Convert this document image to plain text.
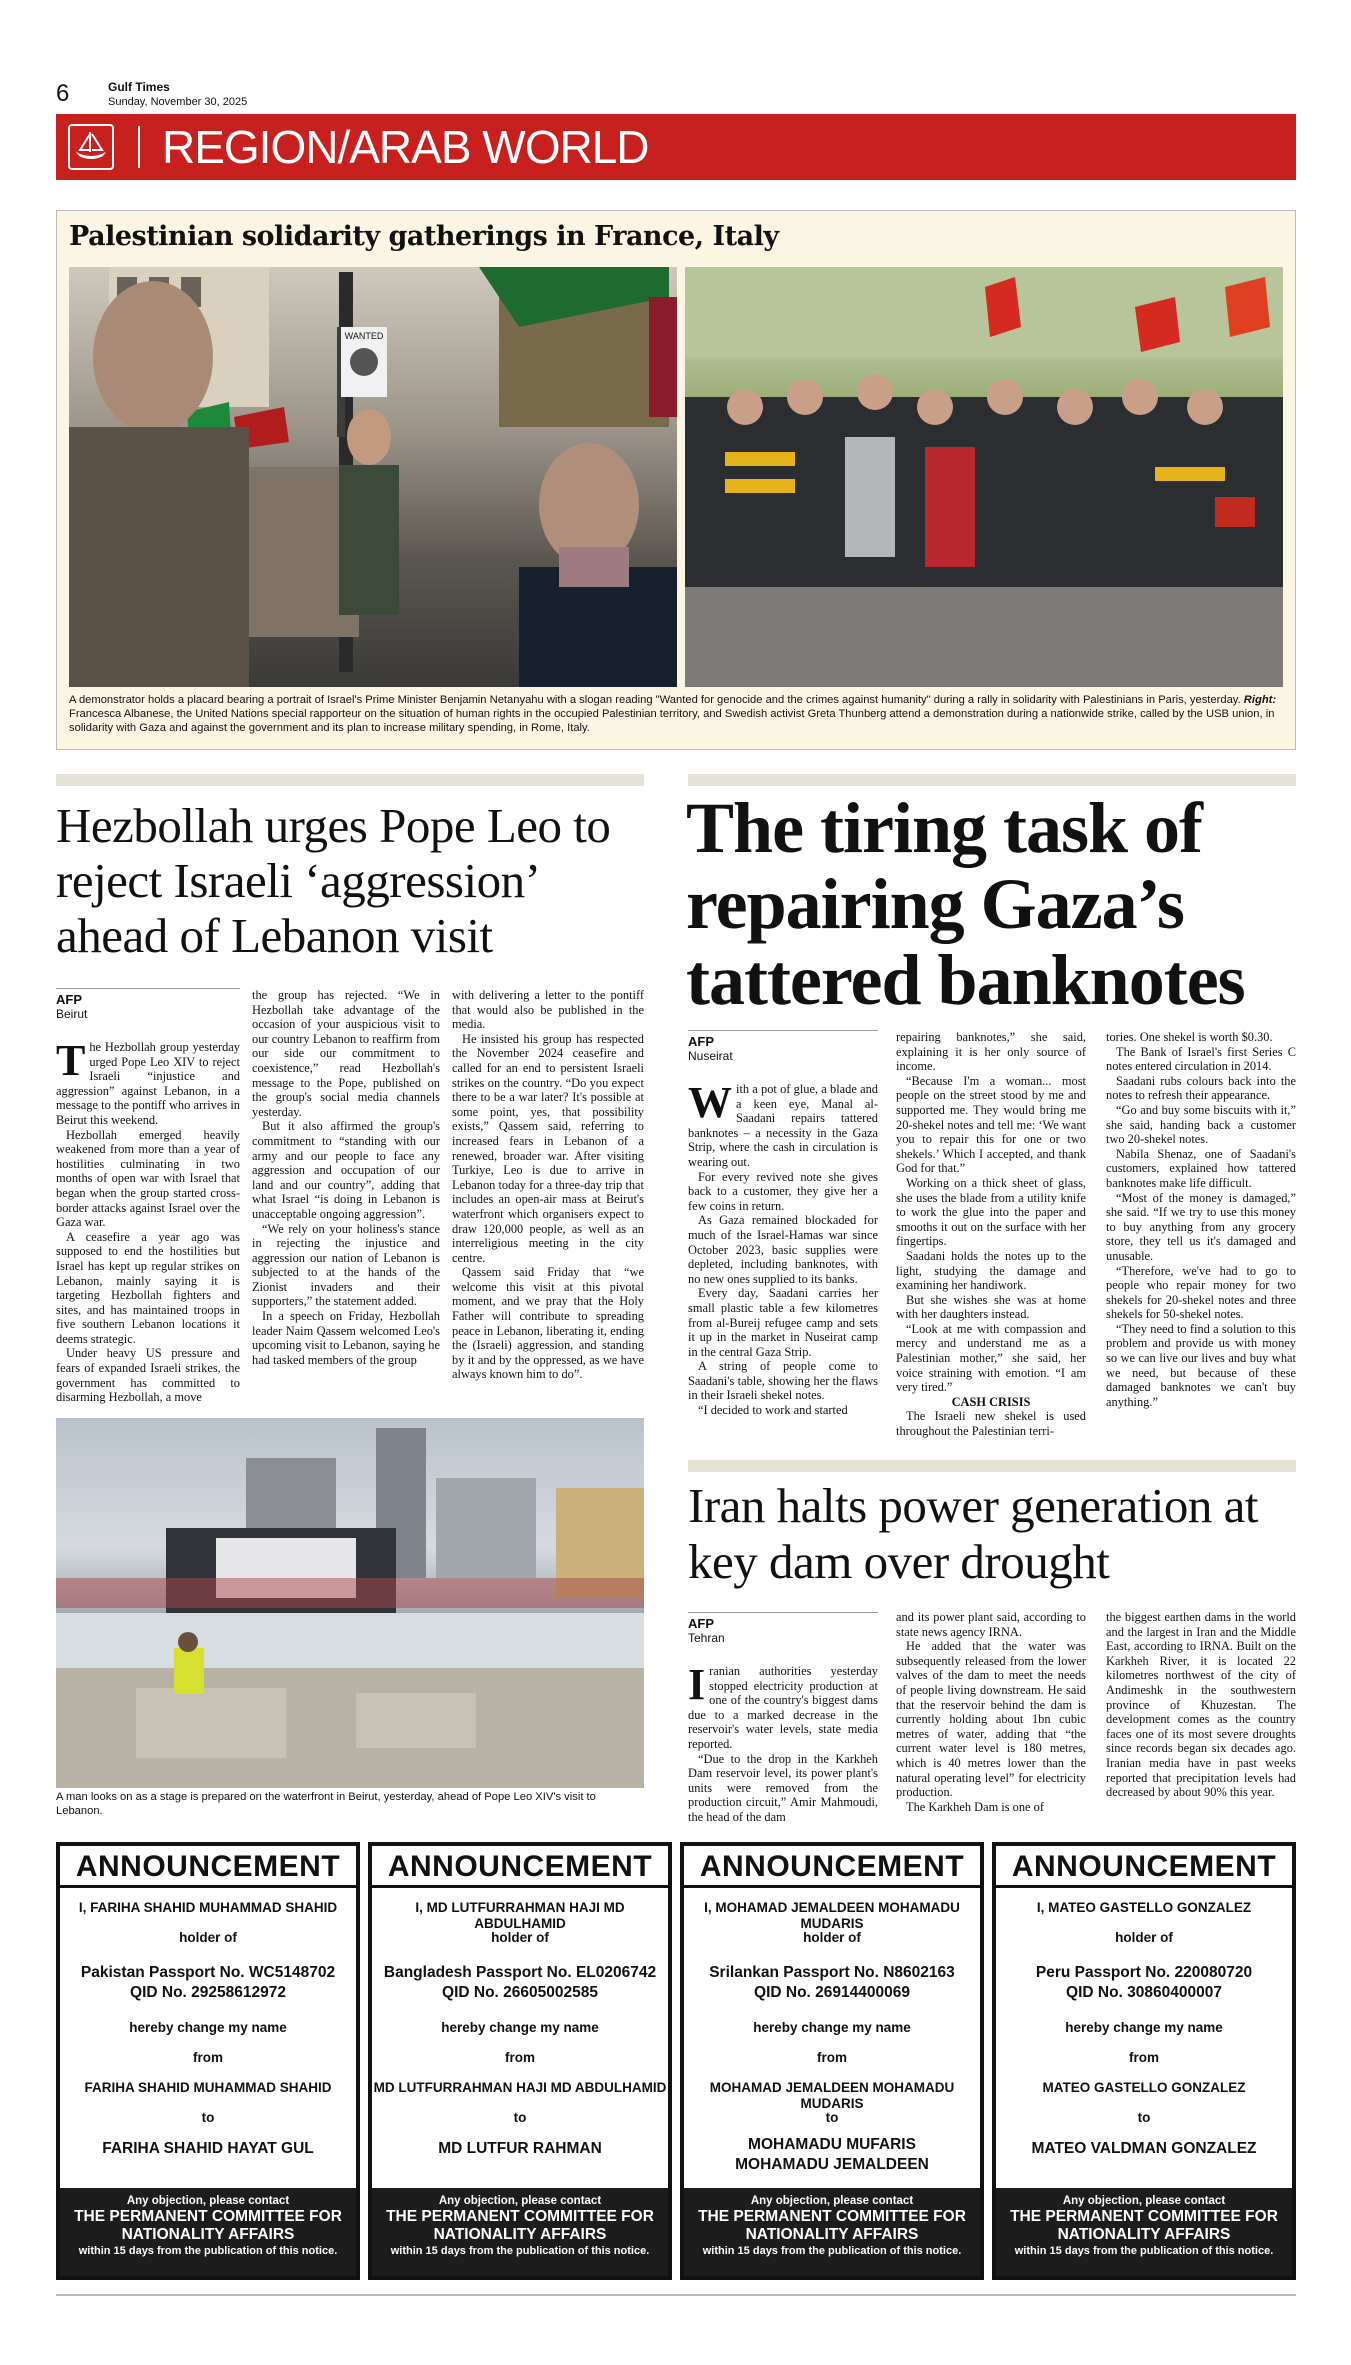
6	Gulf Times
Sunday, November 30, 2025
REGION/ARAB WORLD
Palestinian solidarity gatherings in France, Italy
WANTED
A demonstrator holds a placard bearing a portrait of Israel's Prime Minister Benjamin Netanyahu with a slogan reading "Wanted for genocide and the crimes against humanity" during a rally in solidarity with Palestinians in Paris, yesterday. Right: Francesca Albanese, the United Nations special rapporteur on the situation of human rights in the occupied Palestinian territory, and Swedish activist Greta Thunberg attend a demonstration during a nationwide strike, called by the USB union, in solidarity with Gaza and against the government and its plan to increase military spending, in Rome, Italy.
Hezbollah urges Pope Leo to reject Israeli ‘aggression’ ahead of Lebanon visit
AFP
Beirut

The Hezbollah group yesterday urged Pope Leo XIV to reject Israeli “injustice and aggression” against Lebanon, in a message to the pontiff who arrives in Beirut this weekend.

Hezbollah emerged heavily weakened from more than a year of hostilities culminating in two months of open war with Israel that began when the group started cross-border attacks against Israel over the Gaza war.

A ceasefire a year ago was supposed to end the hostilities but Israel has kept up regular strikes on Lebanon, mainly saying it is targeting Hezbollah fighters and sites, and has maintained troops in five southern Lebanon locations it deems strategic.

Under heavy US pressure and fears of expanded Israeli strikes, the government has committed to disarming Hezbollah, a move

the group has rejected. “We in Hezbollah take advantage of the occasion of your auspicious visit to our country Lebanon to reaffirm from our side our commitment to coexistence,” read Hezbollah's message to the Pope, published on the group's social media channels yesterday.

But it also affirmed the group's commitment to “standing with our army and our people to face any aggression and occupation of our land and our country”, adding that what Israel “is doing in Lebanon is unacceptable ongoing aggression”.

“We rely on your holiness's stance in rejecting the injustice and aggression our nation of Lebanon is subjected to at the hands of the Zionist invaders and their supporters,” the statement added.

In a speech on Friday, Hezbollah leader Naim Qassem welcomed Leo's upcoming visit to Lebanon, saying he had tasked members of the group

with delivering a letter to the pontiff that would also be published in the media.

He insisted his group has respected the November 2024 ceasefire and called for an end to persistent Israeli strikes on the country. “Do you expect there to be a war later? It's possible at some point, yes, that possibility exists,” Qassem said, referring to increased fears in Lebanon of a renewed, broader war. After visiting Turkiye, Leo is due to arrive in Lebanon today for a three-day trip that includes an open-air mass at Beirut's waterfront which organisers expect to draw 120,000 people, as well as an interreligious meeting in the city centre.

Qassem said Friday that “we welcome this visit at this pivotal moment, and we pray that the Holy Father will contribute to spreading peace in Lebanon, liberating it, ending the (Israeli) aggression, and standing by it and by the oppressed, as we have always known him to do”.

A man looks on as a stage is prepared on the waterfront in Beirut, yesterday, ahead of Pope Leo XIV's visit to Lebanon.
The tiring task of repairing Gaza’s tattered banknotes
AFP
Nuseirat

With a pot of glue, a blade and a keen eye, Manal al-Saadani repairs tattered banknotes – a necessity in the Gaza Strip, where the cash in circulation is wearing out.

For every revived note she gives back to a customer, they give her a few coins in return.

As Gaza remained blockaded for much of the Israel-Hamas war since October 2023, basic supplies were depleted, including banknotes, with no new ones supplied to its banks.

Every day, Saadani carries her small plastic table a few kilometres from al-Bureij refugee camp and sets it up in the market in Nuseirat camp in the central Gaza Strip.

A string of people come to Saadani's table, showing her the flaws in their Israeli shekel notes.

“I decided to work and started

repairing banknotes,” she said, explaining it is her only source of income.

“Because I'm a woman... most people on the street stood by me and supported me. They would bring me 20-shekel notes and tell me: ‘We want you to repair this for one or two shekels.’ Which I accepted, and thank God for that.”

Working on a thick sheet of glass, she uses the blade from a utility knife to work the glue into the paper and smooths it out on the surface with her fingertips.

Saadani holds the notes up to the light, studying the damage and examining her handiwork.

But she wishes she was at home with her daughters instead.

“Look at me with compassion and mercy and understand me as a Palestinian mother,” she said, her voice straining with emotion. “I am very tired.”

CASH CRISIS

The Israeli new shekel is used throughout the Palestinian terri-

tories. One shekel is worth $0.30.

The Bank of Israel's first Series C notes entered circulation in 2014.

Saadani rubs colours back into the notes to refresh their appearance.

“Go and buy some biscuits with it,” she said, handing back a customer two 20-shekel notes.

Nabila Shenaz, one of Saadani's customers, explained how tattered banknotes make life difficult.

“Most of the money is damaged,” she said. “If we try to use this money to buy anything from any grocery store, they tell us it's damaged and unusable.

“Therefore, we've had to go to people who repair money for two shekels for 20-shekel notes and three shekels for 50-shekel notes.

“They need to find a solution to this problem and provide us with money so we can live our lives and buy what we need, but because of these damaged banknotes we can't buy anything.”

Iran halts power generation at key dam over drought
AFP
Tehran

Iranian authorities yesterday stopped electricity production at one of the country's biggest dams due to a marked decrease in the reservoir's water levels, state media reported.

“Due to the drop in the Karkheh Dam reservoir level, its power plant's units were removed from the production circuit,” Amir Mahmoudi, the head of the dam

and its power plant said, according to state news agency IRNA.

He added that the water was subsequently released from the lower valves of the dam to meet the needs of people living downstream. He said that the reservoir behind the dam is currently holding about 1bn cubic metres of water, adding that “the current water level is 180 metres, which is 40 metres lower than the natural operating level” for electricity production.

The Karkheh Dam is one of

the biggest earthen dams in the world and the largest in Iran and the Middle East, according to IRNA. Built on the Karkheh River, it is located 22 kilometres northwest of the city of Andimeshk in the southwestern province of Khuzestan. The development comes as the country faces one of its most severe droughts since records began six decades ago. Iranian media have in past weeks reported that precipitation levels had decreased by about 90% this year.

ANNOUNCEMENT
I, FARIHA SHAHID MUHAMMAD SHAHID
holder of
Pakistan Passport No. WC5148702
QID No. 29258612972
hereby change my name
from
FARIHA SHAHID MUHAMMAD SHAHID
to
FARIHA SHAHID HAYAT GUL
Any objection, please contact
THE PERMANENT COMMITTEE FOR
NATIONALITY AFFAIRS
within 15 days from the publication of this notice.
ANNOUNCEMENT
I, MD LUTFURRAHMAN HAJI MD ABDULHAMID
holder of
Bangladesh Passport No. EL0206742
QID No. 26605002585
hereby change my name
from
MD LUTFURRAHMAN HAJI MD ABDULHAMID
to
MD LUTFUR RAHMAN
Any objection, please contact
THE PERMANENT COMMITTEE FOR
NATIONALITY AFFAIRS
within 15 days from the publication of this notice.
ANNOUNCEMENT
I, MOHAMAD JEMALDEEN MOHAMADU MUDARIS
holder of
Srilankan Passport No. N8602163
QID No. 26914400069
hereby change my name
from
MOHAMAD JEMALDEEN MOHAMADU MUDARIS
to
MOHAMADU MUFARIS
MOHAMADU JEMALDEEN
Any objection, please contact
THE PERMANENT COMMITTEE FOR
NATIONALITY AFFAIRS
within 15 days from the publication of this notice.
ANNOUNCEMENT
I, MATEO GASTELLO GONZALEZ
holder of
Peru Passport No. 220080720
QID No. 30860400007
hereby change my name
from
MATEO GASTELLO GONZALEZ
to
MATEO VALDMAN GONZALEZ
Any objection, please contact
THE PERMANENT COMMITTEE FOR
NATIONALITY AFFAIRS
within 15 days from the publication of this notice.
